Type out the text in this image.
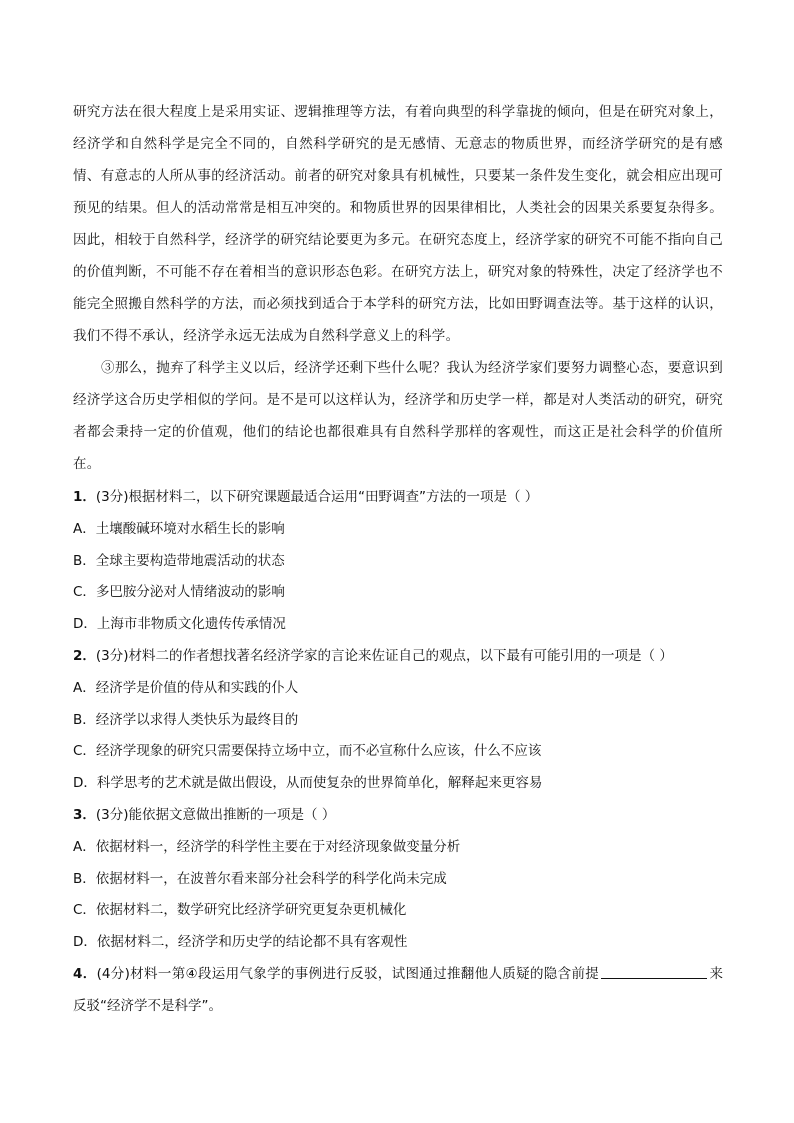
研究方法在很大程度上是采用实证、逻辑推理等方法，有着向典型的科学靠拢的倾向，但是在研究对象上，经济学和自然科学是完全不同的，自然科学研究的是无感情、无意志的物质世界，而经济学研究的是有感情、有意志的人所从事的经济活动。前者的研究对象具有机械性，只要某一条件发生变化，就会相应出现可预见的结果。但人的活动常常是相互冲突的。和物质世界的因果律相比，人类社会的因果关系要复杂得多。因此，相较于自然科学，经济学的研究结论要更为多元。在研究态度上，经济学家的研究不可能不指向自己的价值判断，不可能不存在着相当的意识形态色彩。在研究方法上，研究对象的特殊性，决定了经济学也不能完全照搬自然科学的方法，而必须找到适合于本学科的研究方法，比如田野调查法等。基于这样的认识，我们不得不承认，经济学永远无法成为自然科学意义上的科学。

③那么，抛弃了科学主义以后，经济学还剩下些什么呢？我认为经济学家们要努力调整心态，要意识到经济学这合历史学相似的学问。是不是可以这样认为，经济学和历史学一样，都是对人类活动的研究，研究者都会秉持一定的价值观，他们的结论也都很难具有自然科学那样的客观性，而这正是社会科学的价值所在。

1．(3分)根据材料二，以下研究课题最适合运用“田野调查”方法的一项是（ ）

A．土壤酸碱环境对水稻生长的影响

B．全球主要构造带地震活动的状态

C．多巴胺分泌对人情绪波动的影响

D．上海市非物质文化遗传传承情况

2．(3分)材料二的作者想找著名经济学家的言论来佐证自己的观点，以下最有可能引用的一项是（ ）

A．经济学是价值的侍从和实践的仆人

B．经济学以求得人类快乐为最终目的

C．经济学现象的研究只需要保持立场中立，而不必宣称什么应该，什么不应该

D．科学思考的艺术就是做出假设，从而使复杂的世界简单化，解释起来更容易

3．(3分)能依据文意做出推断的一项是（ ）

A．依据材料一，经济学的科学性主要在于对经济现象做变量分析

B．依据材料一，在波普尔看来部分社会科学的科学化尚未完成

C．依据材料二，数学研究比经济学研究更复杂更机械化

D．依据材料二，经济学和历史学的结论都不具有客观性

4．(4分)材料一第④段运用气象学的事例进行反驳，试图通过推翻他人质疑的隐含前提	来反驳“经济学不是科学”。
